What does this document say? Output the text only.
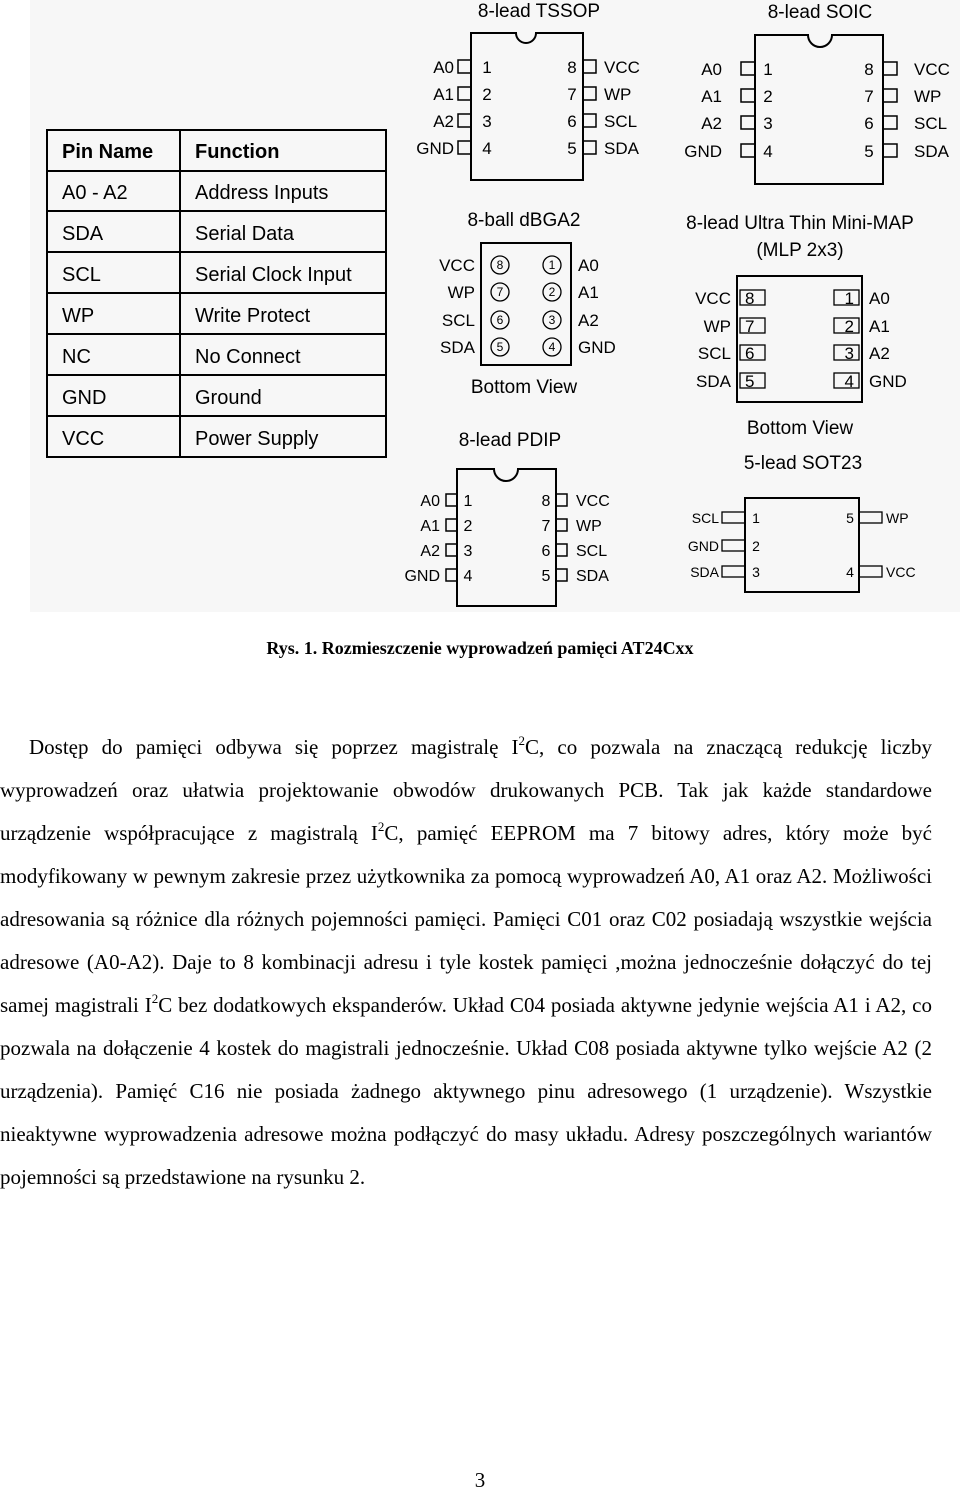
Pin Name Function
A0 - A2	Address Inputs
SDA	Serial Data
SCL	Serial Clock Input
WP	Write Protect
NC	No Connect
GND	Ground
VCC	Power Supply
8-lead TSSOP
A0
A1
A2
GND
1
2
3
4
8
7
6
5
VCC
WP
SCL
SDA
8-lead SOIC
A0
A1
A2
GND
1
2
3
4
8
7
6
5
VCC
WP
SCL
SDA
8-ball dBGA2
VCC
WP
SCL
SDA
A0
A1
A2
GND
8
7
6
5
1
2
3
4
Bottom View
8-lead Ultra Thin Mini-MAP
(MLP 2x3)
VCC
WP
SCL
SDA
8
7
6
5
1
2
3
4
A0
A1
A2
GND
Bottom View
8-lead PDIP
A0
A1
A2
GND
1
2
3
4
8
7
6
5
VCC
WP
SCL
SDA
5-lead SOT23
SCL
GND
SDA
1
2
3
5
4
WP
VCC
Rys. 1. Rozmieszczenie wyprowadzeń pamięci AT24Cxx

Dostęp do pamięci odbywa się poprzez magistralę $I^2C$, co pozwala na znaczącą redukcję liczby wyprowadzeń oraz ułatwia projektowanie obwodów drukowanych PCB. Tak jak każde standardowe urządzenie współpracujące z magistralą $I^2C$, pamięć EEPROM ma 7 bitowy adres, który może być modyfikowany w pewnym zakresie przez użytkownika za pomocą wyprowadzeń A0, A1 oraz A2. Możliwości adresowania są różnice dla różnych pojemności pamięci. Pamięci C01 oraz C02 posiadają wszystkie wejścia adresowe (A0-A2). Daje to 8 kombinacji adresu i tyle kostek pamięci ,można jednocześnie dołączyć do tej samej magistrali $I^2C$ bez dodatkowych ekspanderów. Układ C04 posiada aktywne jedynie wejścia A1 i A2, co pozwala na dołączenie 4 kostek do magistrali jednocześnie. Układ C08 posiada aktywne tylko wejście A2 (2 urządzenia). Pamięć C16 nie posiada żadnego aktywnego pinu adresowego (1 urządzenie). Wszystkie nieaktywne wyprowadzenia adresowe można podłączyć do masy układu. Adresy poszczególnych wariantów pojemności są przedstawione na rysunku 2.

3
